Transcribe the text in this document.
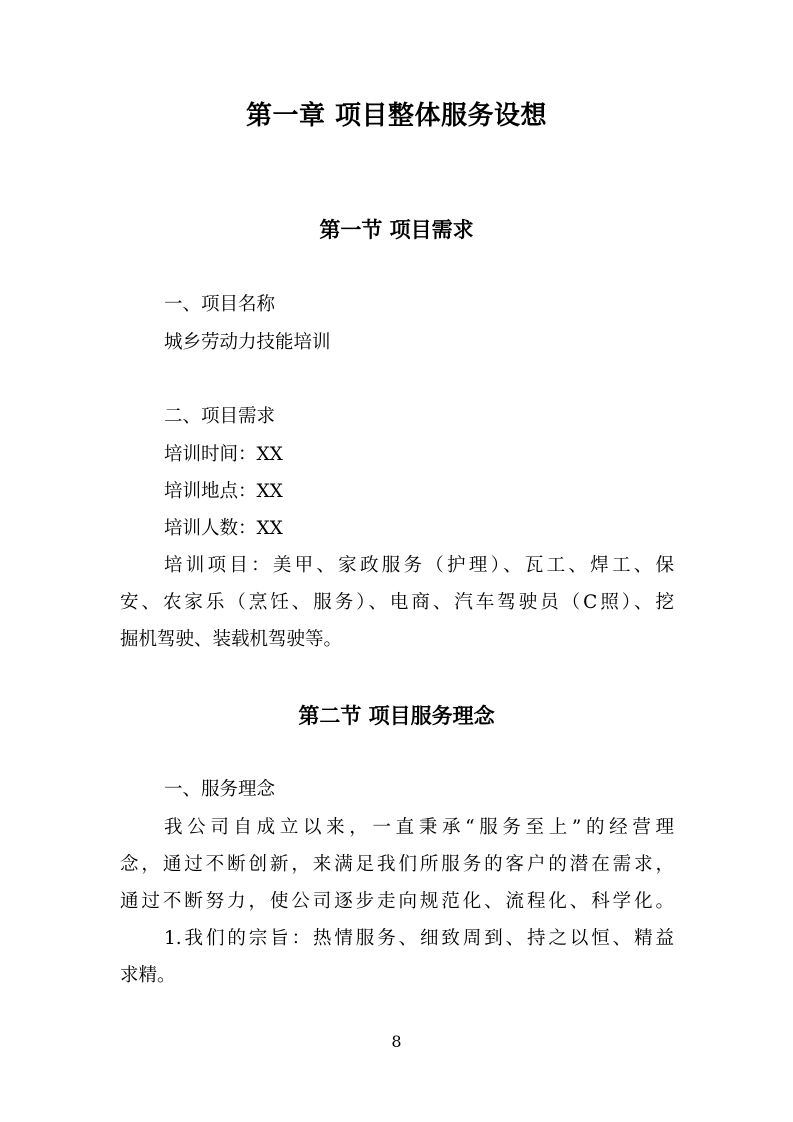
第一章 项目整体服务设想
第一节 项目需求
一、项目名称
城乡劳动力技能培训
二、项目需求
培训时间：XX
培训地点：XX
培训人数：XX
培训项目：美甲、家政服务（护理）、瓦工、焊工、保
安、农家乐（烹饪、服务）、电商、汽车驾驶员（C照）、挖
掘机驾驶、装载机驾驶等。
第二节 项目服务理念
一、服务理念
我公司自成立以来，一直秉承“服务至上”的经营理
念，通过不断创新，来满足我们所服务的客户的潜在需求，
通过不断努力，使公司逐步走向规范化、流程化、科学化。
1.我们的宗旨：热情服务、细致周到、持之以恒、精益
求精。
8
